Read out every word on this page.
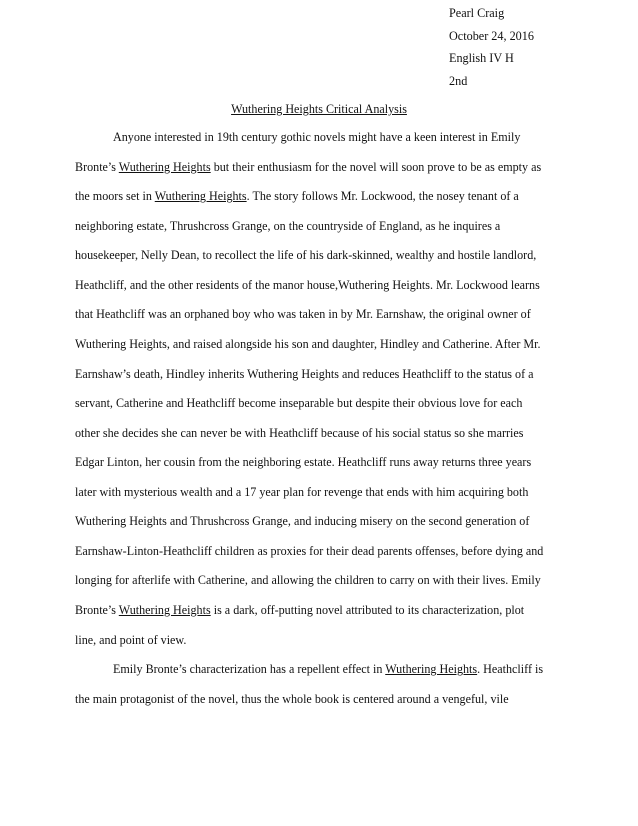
Pearl Craig
October 24, 2016
English IV H
2nd
Wuthering Heights Critical Analysis
Anyone interested in 19th century gothic novels might have a keen interest in Emily
Bronte’s Wuthering Heights but their enthusiasm for the novel will soon prove to be as empty as
the moors set in Wuthering Heights. The story follows Mr. Lockwood, the nosey tenant of a
neighboring estate, Thrushcross Grange, on the countryside of England, as he inquires a
housekeeper, Nelly Dean, to recollect the life of his dark-skinned, wealthy and hostile landlord,
Heathcliff, and the other residents of the manor house,Wuthering Heights. Mr. Lockwood learns
that Heathcliff was an orphaned boy who was taken in by Mr. Earnshaw, the original owner of
Wuthering Heights, and raised alongside his son and daughter, Hindley and Catherine. After Mr.
Earnshaw’s death, Hindley inherits Wuthering Heights and reduces Heathcliff to the status of a
servant, Catherine and Heathcliff become inseparable but despite their obvious love for each
other she decides she can never be with Heathcliff because of his social status so she marries
Edgar Linton, her cousin from the neighboring estate. Heathcliff runs away returns three years
later with mysterious wealth and a 17 year plan for revenge that ends with him acquiring both
Wuthering Heights and Thrushcross Grange, and inducing misery on the second generation of
Earnshaw-Linton-Heathcliff children as proxies for their dead parents offenses, before dying and
longing for afterlife with Catherine, and allowing the children to carry on with their lives. Emily
Bronte’s Wuthering Heights is a dark, off-putting novel attributed to its characterization, plot
line, and point of view.
Emily Bronte’s characterization has a repellent effect in Wuthering Heights. Heathcliff is
the main protagonist of the novel, thus the whole book is centered around a vengeful, vile
